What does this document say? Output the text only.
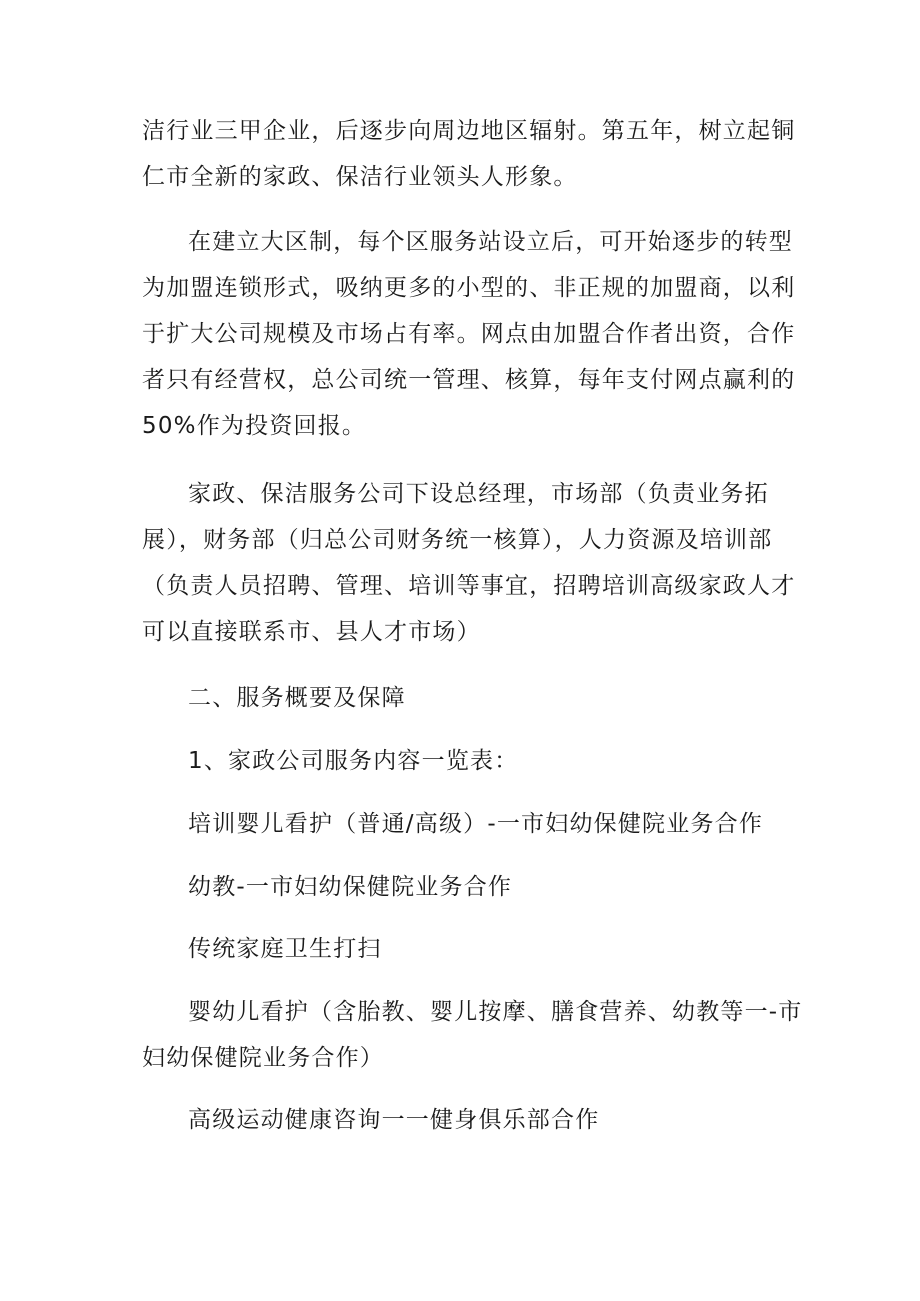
洁行业三甲企业，后逐步向周边地区辐射。第五年，树立起铜
仁市全新的家政、保洁行业领头人形象。
在建立大区制，每个区服务站设立后，可开始逐步的转型
为加盟连锁形式，吸纳更多的小型的、非正规的加盟商，以利
于扩大公司规模及市场占有率。网点由加盟合作者出资，合作
者只有经营权，总公司统一管理、核算，每年支付网点赢利的
50%作为投资回报。
家政、保洁服务公司下设总经理，市场部（负责业务拓
展），财务部（归总公司财务统一核算），人力资源及培训部
（负责人员招聘、管理、培训等事宜，招聘培训高级家政人才
可以直接联系市、县人才市场）

二、服务概要及保障

1、家政公司服务内容一览表：

培训婴儿看护（普通/高级）-一市妇幼保健院业务合作

幼教-一市妇幼保健院业务合作

传统家庭卫生打扫

婴幼儿看护（含胎教、婴儿按摩、膳食营养、幼教等一-市
妇幼保健院业务合作）

高级运动健康咨询一一健身俱乐部合作
